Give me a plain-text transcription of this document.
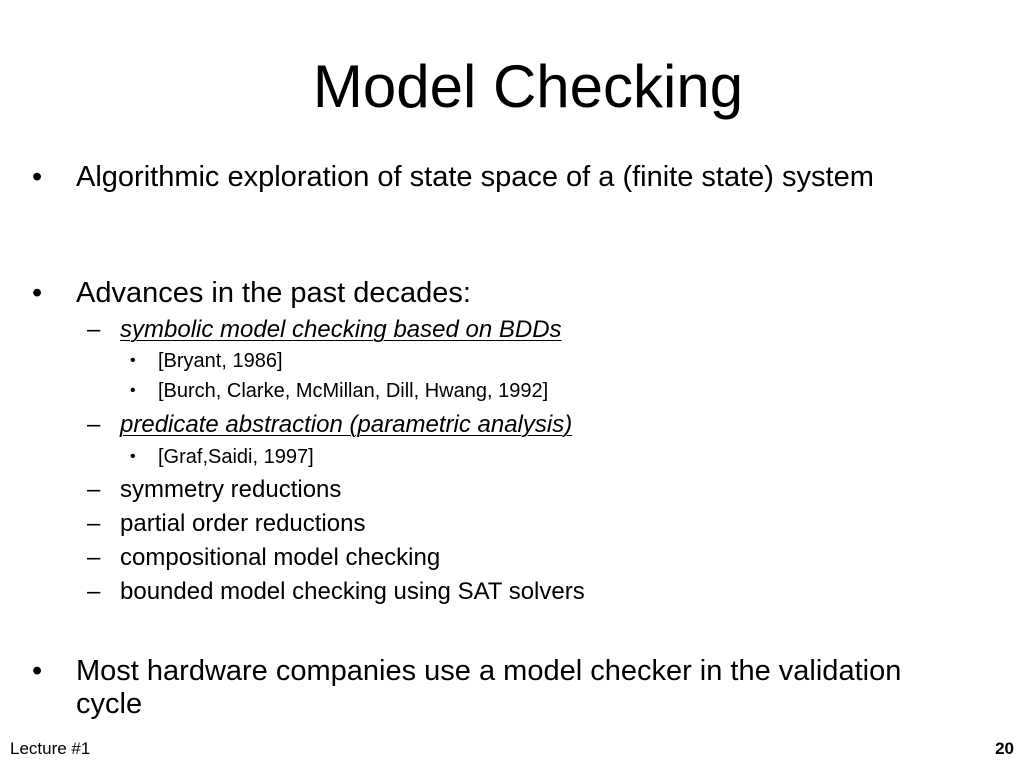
Model Checking
• Algorithmic exploration of state space of a (finite state) system
• Advances in the past decades:
– symbolic model checking based on BDDs
• [Bryant, 1986]
• [Burch, Clarke, McMillan, Dill, Hwang, 1992]
– predicate abstraction (parametric analysis)
• [Graf,Saidi, 1997]
– symmetry reductions
– partial order reductions
– compositional model checking
– bounded model checking using SAT solvers
• Most hardware companies use a model checker in the validation cycle
Lecture #1	20
